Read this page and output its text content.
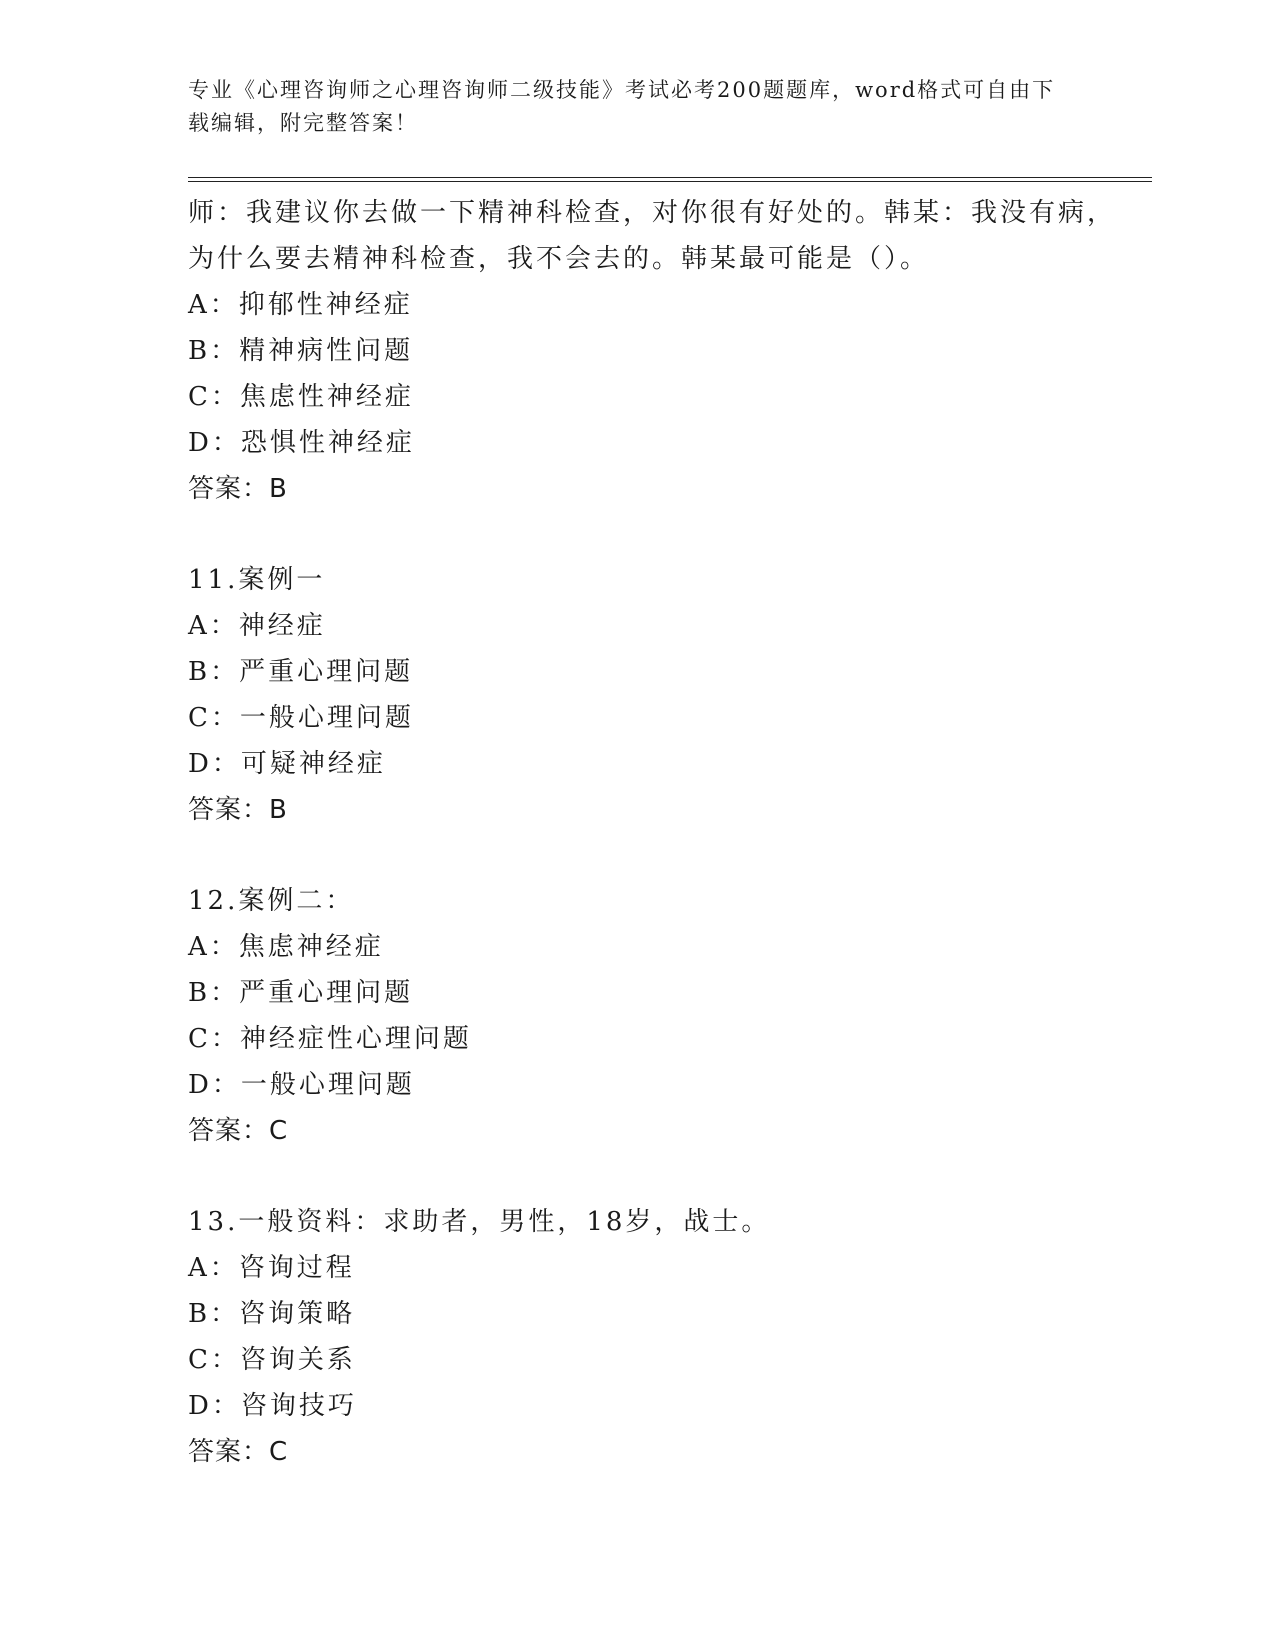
专业《心理咨询师之心理咨询师二级技能》考试必考200题题库，word格式可自由下载编辑，附完整答案！

师：我建议你去做一下精神科检查，对你很有好处的。韩某：我没有病，为什么要去精神科检查，我不会去的。韩某最可能是（）。

A：抑郁性神经症
B：精神病性问题
C：焦虑性神经症
D：恐惧性神经症
答案：B
11.案例一
A：神经症
B：严重心理问题
C：一般心理问题
D：可疑神经症
答案：B
12.案例二：
A：焦虑神经症
B：严重心理问题
C：神经症性心理问题
D：一般心理问题
答案：C
13.一般资料：求助者，男性，18岁，战士。
A：咨询过程
B：咨询策略
C：咨询关系
D：咨询技巧
答案：C
